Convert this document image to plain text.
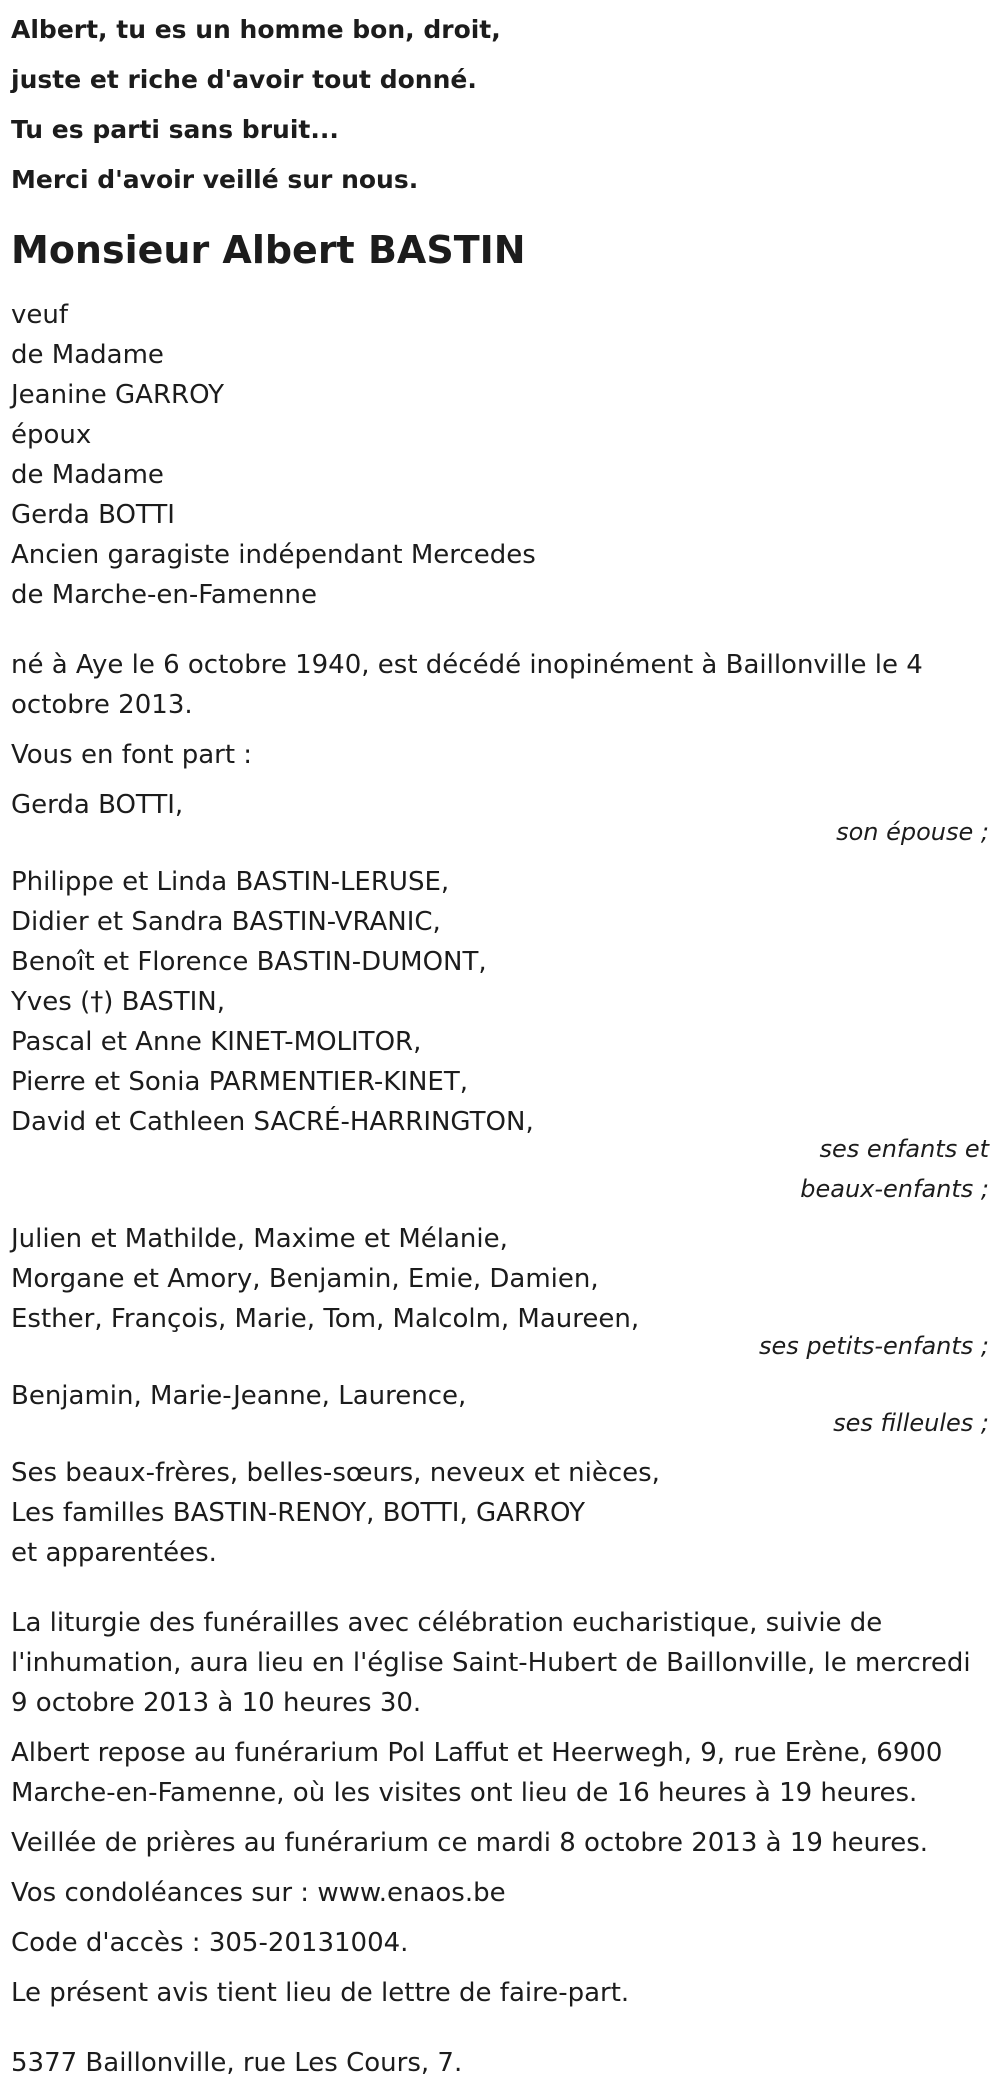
Albert, tu es un homme bon, droit,

juste et riche d'avoir tout donné.

Tu es parti sans bruit...

Merci d'avoir veillé sur nous.

Monsieur Albert BASTIN

veuf

de Madame

Jeanine GARROY

époux

de Madame

Gerda BOTTI

Ancien garagiste indépendant Mercedes

de Marche-en-Famenne

né à Aye le 6 octobre 1940, est décédé inopinément à Baillonville le 4 octobre 2013.

Vous en font part :

Gerda BOTTI,

son épouse ;

Philippe et Linda BASTIN-LERUSE,

Didier et Sandra BASTIN-VRANIC,

Benoît et Florence BASTIN-DUMONT,

Yves (†) BASTIN,

Pascal et Anne KINET-MOLITOR,

Pierre et Sonia PARMENTIER-KINET,

David et Cathleen SACRÉ-HARRINGTON,

ses enfants et

beaux-enfants ;

Julien et Mathilde, Maxime et Mélanie,

Morgane et Amory, Benjamin, Emie, Damien,

Esther, François, Marie, Tom, Malcolm, Maureen,

ses petits-enfants ;

Benjamin, Marie-Jeanne, Laurence,

ses filleules ;

Ses beaux-frères, belles-sœurs, neveux et nièces,

Les familles BASTIN-RENOY, BOTTI, GARROY

et apparentées.

La liturgie des funérailles avec célébration eucharistique, suivie de l'inhumation, aura lieu en l'église Saint-Hubert de Baillonville, le mercredi 9 octobre 2013 à 10 heures 30.

Albert repose au funérarium Pol Laffut et Heerwegh, 9, rue Erène, 6900 Marche-en-Famenne, où les visites ont lieu de 16 heures à 19 heures.

Veillée de prières au funérarium ce mardi 8 octobre 2013 à 19 heures.

Vos condoléances sur : www.enaos.be

Code d'accès : 305-20131004.

Le présent avis tient lieu de lettre de faire-part.

5377 Baillonville, rue Les Cours, 7.
